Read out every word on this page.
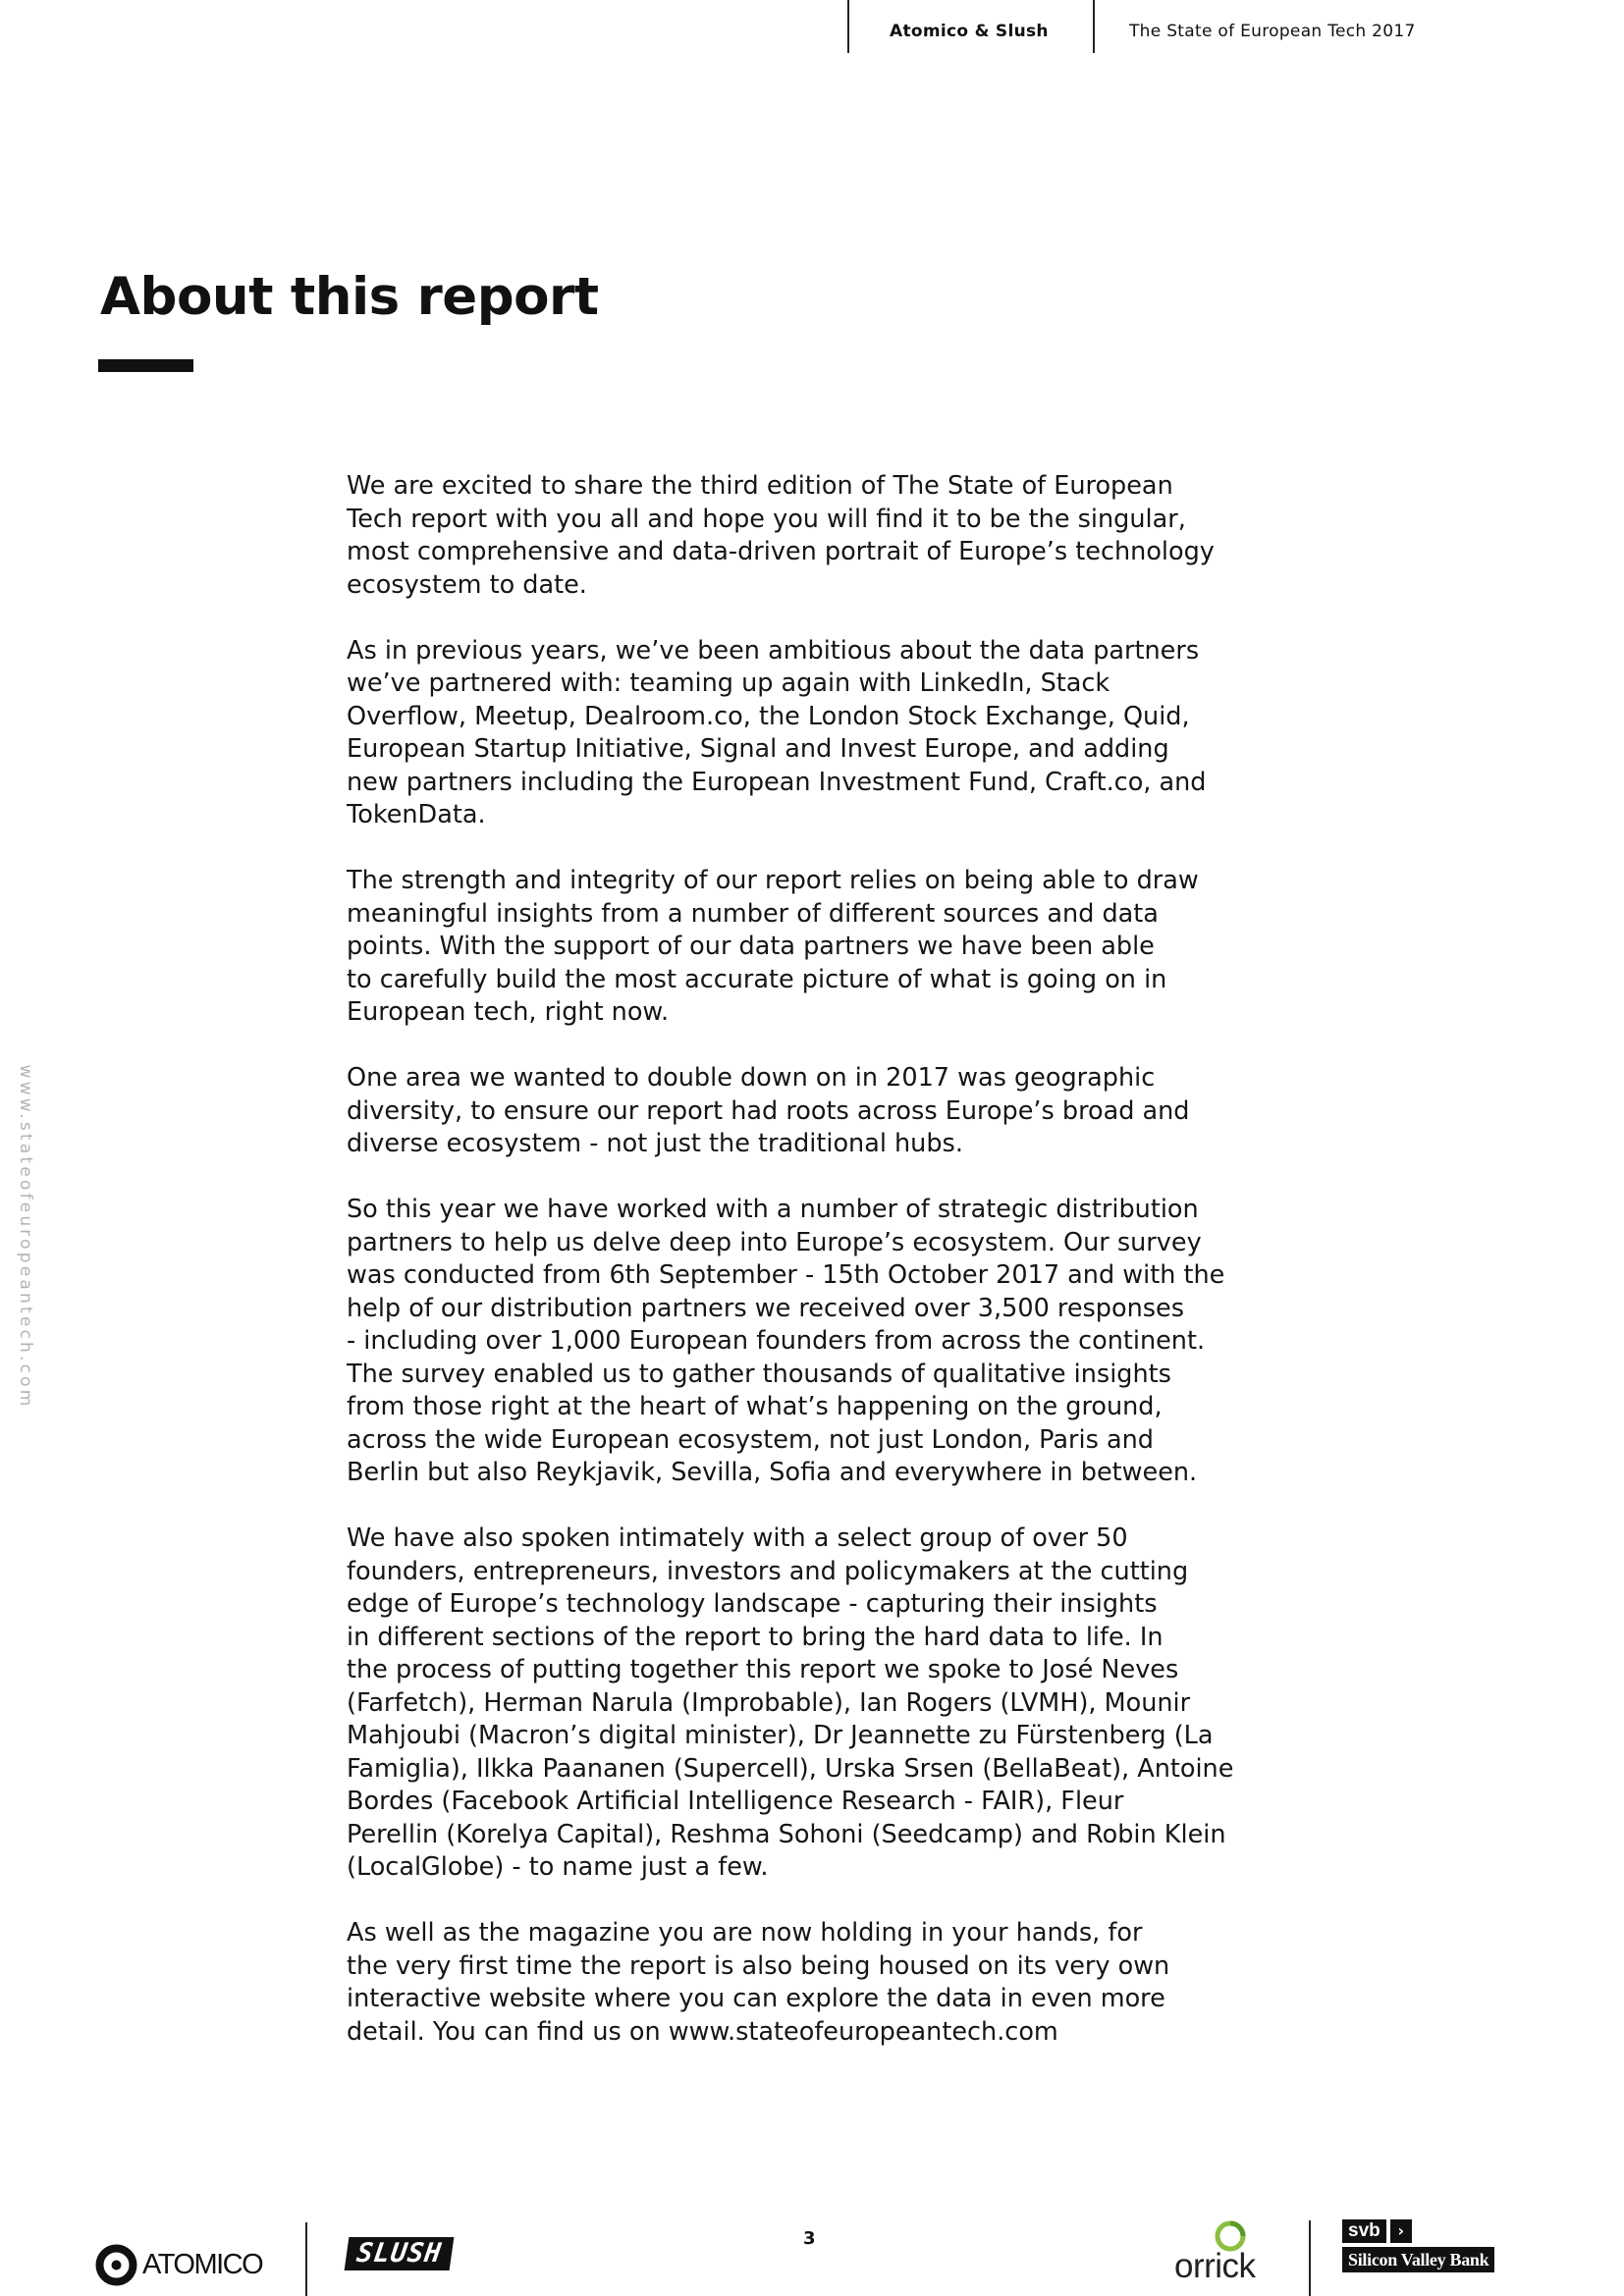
Atomico & Slush	The State of European Tech 2017
About this report
www.stateofeuropeantech.com

We are excited to share the third edition of The State of European
Tech report with you all and hope you will find it to be the singular,
most comprehensive and data-driven portrait of Europe’s technology
ecosystem to date.

As in previous years, we’ve been ambitious about the data partners
we’ve partnered with: teaming up again with LinkedIn, Stack
Overflow, Meetup, Dealroom.co, the London Stock Exchange, Quid,
European Startup Initiative, Signal and Invest Europe, and adding
new partners including the European Investment Fund, Craft.co, and
TokenData.

The strength and integrity of our report relies on being able to draw
meaningful insights from a number of different sources and data
points. With the support of our data partners we have been able
to carefully build the most accurate picture of what is going on in
European tech, right now.

One area we wanted to double down on in 2017 was geographic
diversity, to ensure our report had roots across Europe’s broad and
diverse ecosystem - not just the traditional hubs.

So this year we have worked with a number of strategic distribution
partners to help us delve deep into Europe’s ecosystem. Our survey
was conducted from 6th September - 15th October 2017 and with the
help of our distribution partners we received over 3,500 responses
- including over 1,000 European founders from across the continent.
The survey enabled us to gather thousands of qualitative insights
from those right at the heart of what’s happening on the ground,
across the wide European ecosystem, not just London, Paris and
Berlin but also Reykjavik, Sevilla, Sofia and everywhere in between.

We have also spoken intimately with a select group of over 50
founders, entrepreneurs, investors and policymakers at the cutting
edge of Europe’s technology landscape - capturing their insights
in different sections of the report to bring the hard data to life. In
the process of putting together this report we spoke to José Neves
(Farfetch), Herman Narula (Improbable), Ian Rogers (LVMH), Mounir
Mahjoubi (Macron’s digital minister), Dr Jeannette zu Fürstenberg (La
Famiglia), Ilkka Paananen (Supercell), Urska Srsen (BellaBeat), Antoine
Bordes (Facebook Artificial Intelligence Research - FAIR), Fleur
Perellin (Korelya Capital), Reshma Sohoni (Seedcamp) and Robin Klein
(LocalGlobe) - to name just a few.

As well as the magazine you are now holding in your hands, for
the very first time the report is also being housed on its very own
interactive website where you can explore the data in even more
detail. You can find us on www.stateofeuropeantech.com

ATOMICO	SLUSH	3
orrick
svb	›
Silicon Valley Bank
